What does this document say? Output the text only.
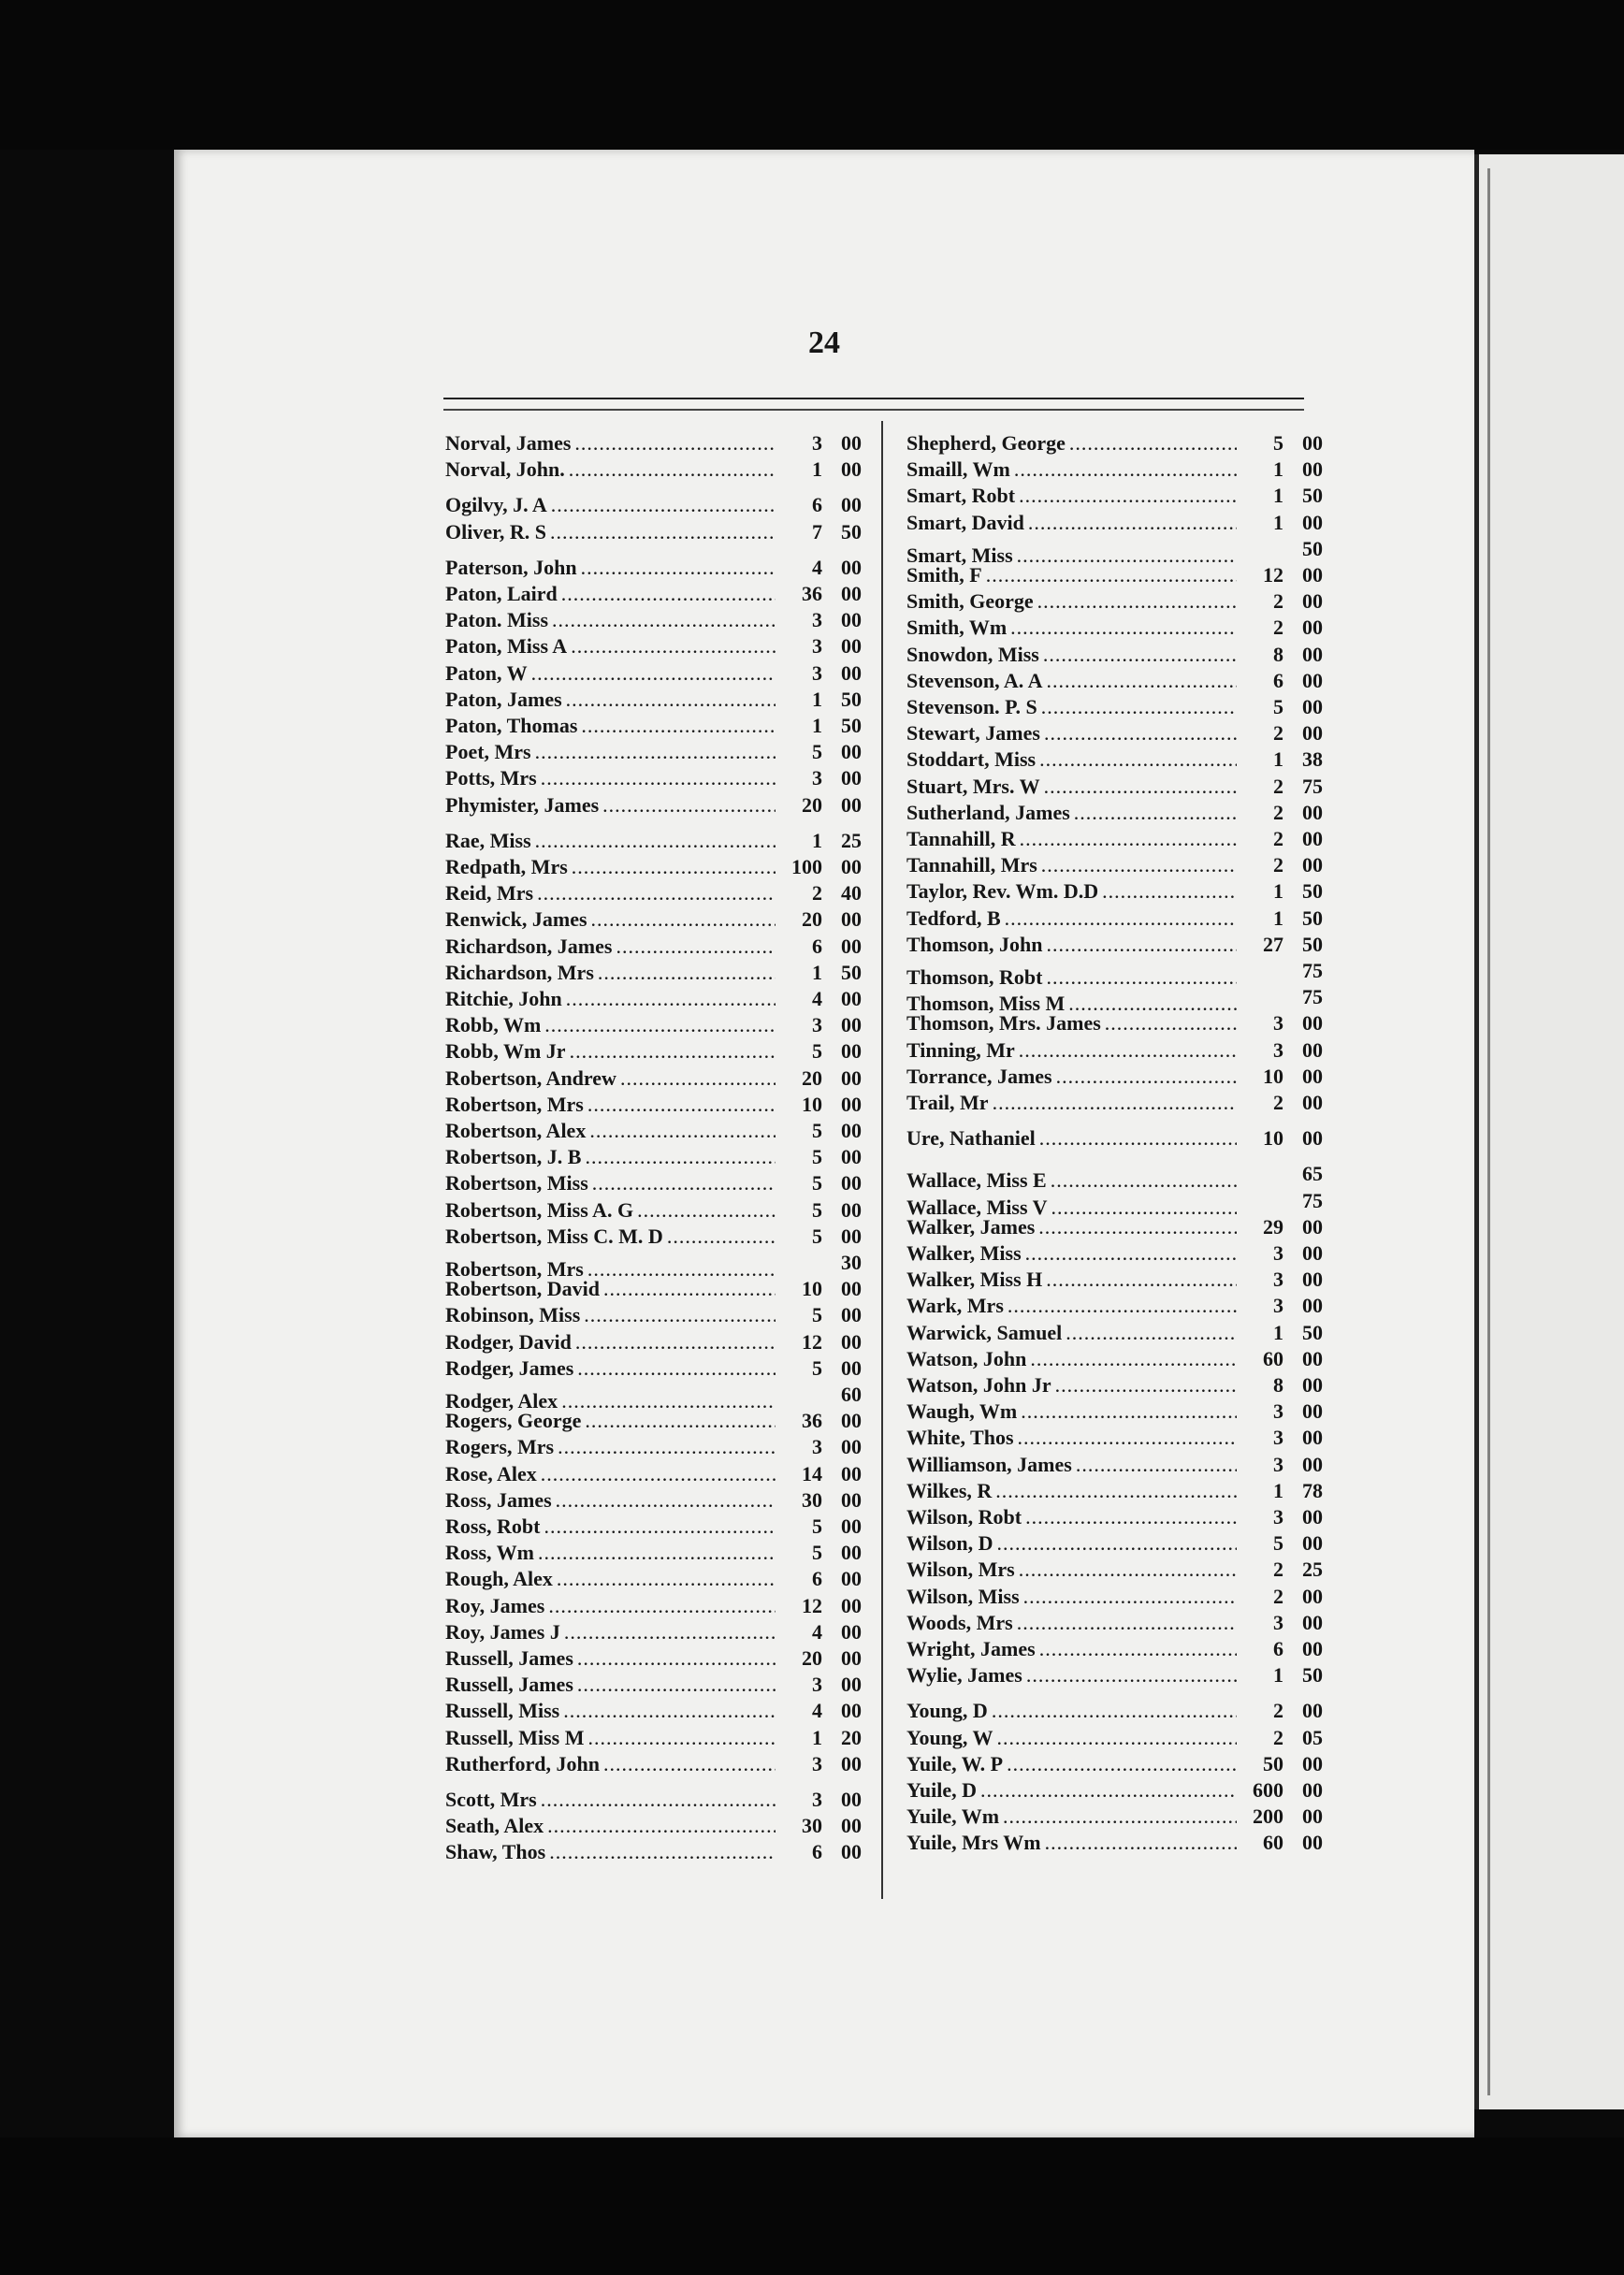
24
Norval, James .....	3 00
Norval, John. .....	1 00
Ogilvy, J. A .....	6 00
Oliver, R. S .....	7 50
Paterson, John .....	4 00
Paton, Laird .....	36 00
Paton. Miss .....	3 00
Paton, Miss A .....	3 00
Paton, W .....	3 00
Paton, James .....	1 50
Paton, Thomas .....	1 50
Poet, Mrs .....	5 00
Potts, Mrs .....	3 00
Phymister, James .....	20 00
Rae, Miss .....	1 25
Redpath, Mrs .....	100 00
Reid, Mrs .....	2 40
Renwick, James .....	20 00
Richardson, James .....	6 00
Richardson, Mrs .....	1 50
Ritchie, John .....	4 00
Robb, Wm .....	3 00
Robb, Wm Jr .....	5 00
Robertson, Andrew .....	20 00
Robertson, Mrs .....	10 00
Robertson, Alex .....	5 00
Robertson, J. B .....	5 00
Robertson, Miss .....	5 00
Robertson, Miss A. G .....	5 00
Robertson, Miss C. M. D .....	5 00
Robertson, Mrs .....	30
Robertson, David .....	10 00
Robinson, Miss .....	5 00
Rodger, David .....	12 00
Rodger, James .....	5 00
Rodger, Alex .....	60
Rogers, George .....	36 00
Rogers, Mrs .....	3 00
Rose, Alex .....	14 00
Ross, James .....	30 00
Ross, Robt .....	5 00
Ross, Wm .....	5 00
Rough, Alex .....	6 00
Roy, James .....	12 00
Roy, James J .....	4 00
Russell, James .....	20 00
Russell, James .....	3 00
Russell, Miss .....	4 00
Russell, Miss M .....	1 20
Rutherford, John .....	3 00
Scott, Mrs .....	3 00
Seath, Alex .....	30 00
Shaw, Thos .....	6 00
Shepherd, George .....	5 00
Smaill, Wm .....	1 00
Smart, Robt .....	1 50
Smart, David .....	1 00
Smart, Miss .....	50
Smith, F .....	12 00
Smith, George .....	2 00
Smith, Wm .....	2 00
Snowdon, Miss .....	8 00
Stevenson, A. A .....	6 00
Stevenson. P. S .....	5 00
Stewart, James .....	2 00
Stoddart, Miss .....	1 38
Stuart, Mrs. W .....	2 75
Sutherland, James .....	2 00
Tannahill, R .....	2 00
Tannahill, Mrs .....	2 00
Taylor, Rev. Wm. D.D .....	1 50
Tedford, B .....	1 50
Thomson, John .....	27 50
Thomson, Robt .....	75
Thomson, Miss M .....	75
Thomson, Mrs. James .....	3 00
Tinning, Mr .....	3 00
Torrance, James .....	10 00
Trail, Mr .....	2 00
Ure, Nathaniel .....	10 00
Wallace, Miss E .....	65
Wallace, Miss V .....	75
Walker, James .....	29 00
Walker, Miss .....	3 00
Walker, Miss H .....	3 00
Wark, Mrs .....	3 00
Warwick, Samuel .....	1 50
Watson, John .....	60 00
Watson, John Jr .....	8 00
Waugh, Wm .....	3 00
White, Thos .....	3 00
Williamson, James .....	3 00
Wilkes, R .....	1 78
Wilson, Robt .....	3 00
Wilson, D .....	5 00
Wilson, Mrs .....	2 25
Wilson, Miss .....	2 00
Woods, Mrs .....	3 00
Wright, James .....	6 00
Wylie, James .....	1 50
Young, D .....	2 00
Young, W .....	2 05
Yuile, W. P .....	50 00
Yuile, D .....	600 00
Yuile, Wm .....	200 00
Yuile, Mrs Wm .....	60 00
